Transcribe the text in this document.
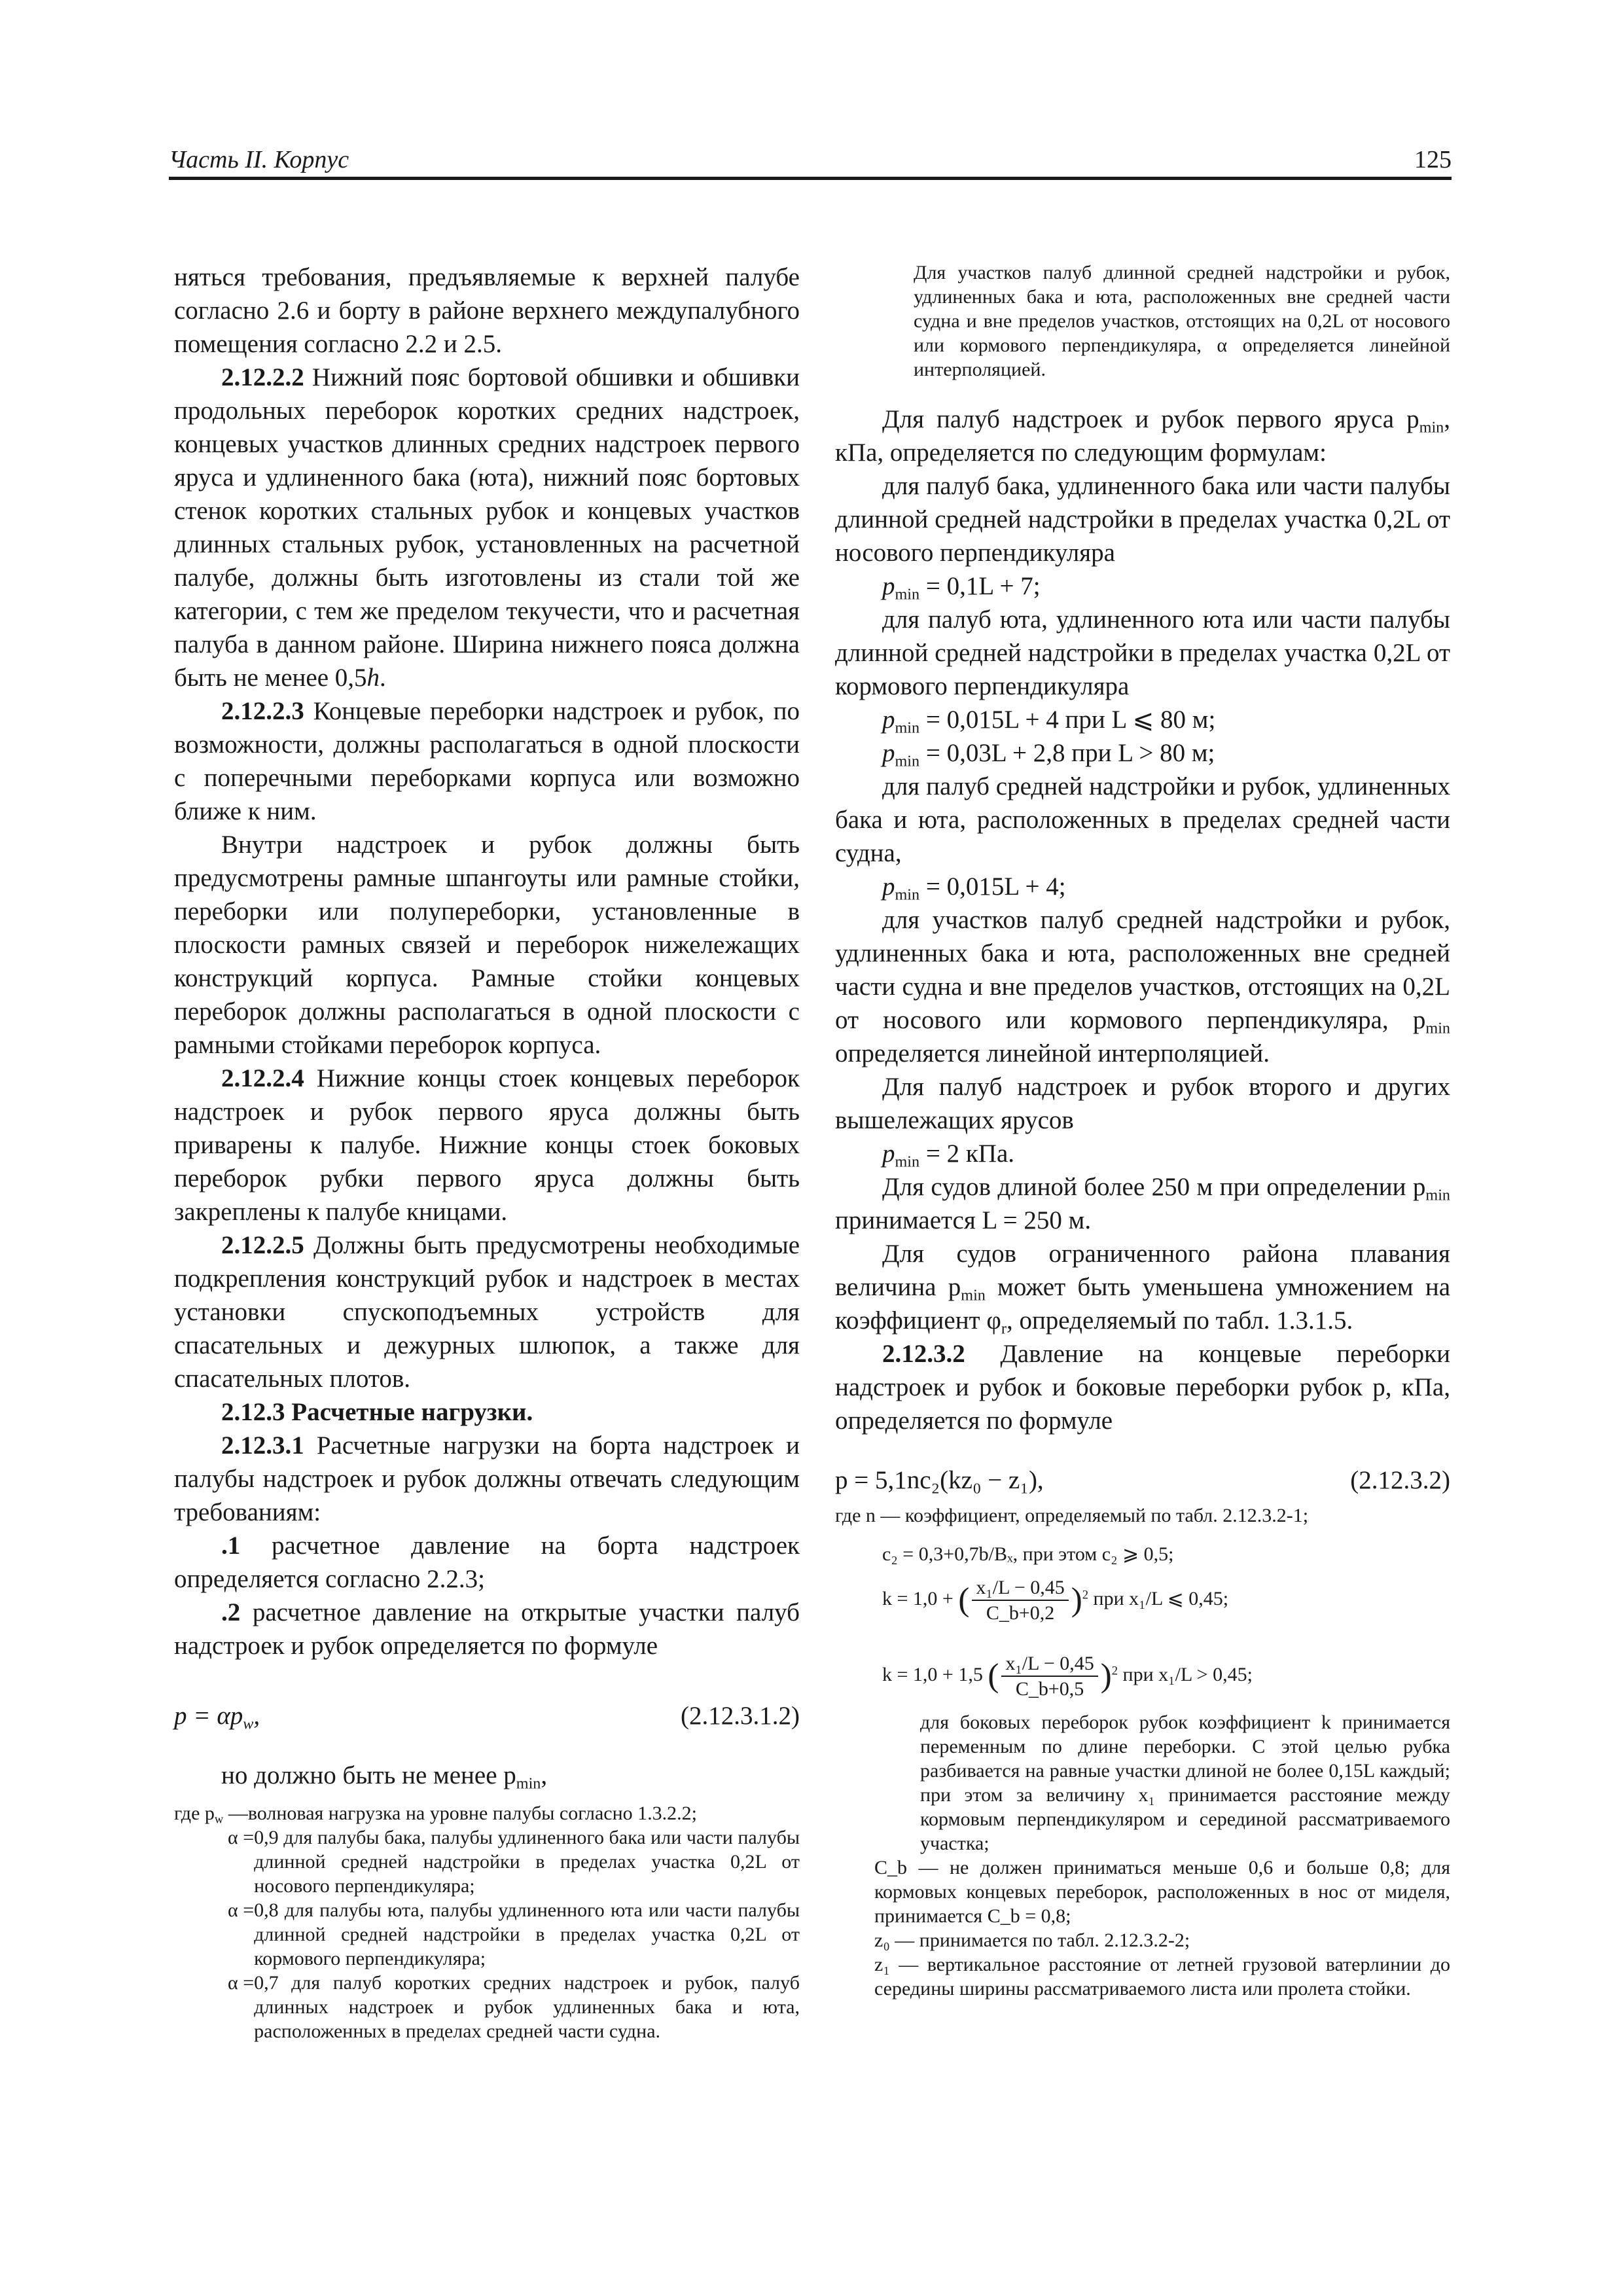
Часть II. Корпус	125

няться требования, предъявляемые к верхней палубе согласно 2.6 и борту в районе верхнего междупалубного помещения согласно 2.2 и 2.5.

2.12.2.2 Нижний пояс бортовой обшивки и обшивки продольных переборок коротких средних надстроек, концевых участков длинных средних надстроек первого яруса и удлиненного бака (юта), нижний пояс бортовых стенок коротких стальных рубок и концевых участков длинных стальных рубок, установленных на расчетной палубе, должны быть изготовлены из стали той же категории, с тем же пределом текучести, что и расчетная палуба в данном районе. Ширина нижнего пояса должна быть не менее 0,5h.

2.12.2.3 Концевые переборки надстроек и рубок, по возможности, должны располагаться в одной плоскости с поперечными переборками корпуса или возможно ближе к ним.

Внутри надстроек и рубок должны быть предусмотрены рамные шпангоуты или рамные стойки, переборки или полупереборки, установленные в плоскости рамных связей и переборок нижележащих конструкций корпуса. Рамные стойки концевых переборок должны располагаться в одной плоскости с рамными стойками переборок корпуса.

2.12.2.4 Нижние концы стоек концевых переборок надстроек и рубок первого яруса должны быть приварены к палубе. Нижние концы стоек боковых переборок рубки первого яруса должны быть закреплены к палубе кницами.

2.12.2.5 Должны быть предусмотрены необходимые подкрепления конструкций рубок и надстроек в местах установки спускоподъемных устройств для спасательных и дежурных шлюпок, а также для спасательных плотов.

2.12.3 Расчетные нагрузки.

2.12.3.1 Расчетные нагрузки на борта надстроек и палубы надстроек и рубок должны отвечать следующим требованиям:

.1 расчетное давление на борта надстроек определяется согласно 2.2.3;

.2 расчетное давление на открытые участки палуб надстроек и рубок определяется по формуле

$p = \alpha p_w$,	(2.12.3.1.2)

но должно быть не менее $p_{min}$,

где $p_w$ — волновая нагрузка на уровне палубы согласно 1.3.2.2;
α = 0,9 для палубы бака, палубы удлиненного бака или части палубы длинной средней надстройки в пределах участка 0,2L от носового перпендикуляра;
α = 0,8 для палубы юта, палубы удлиненного юта или части палубы длинной средней надстройки в пределах участка 0,2L от кормового перпендикуляра;
α = 0,7 для палуб коротких средних надстроек и рубок, палуб длинных надстроек и рубок удлиненных бака и юта, расположенных в пределах средней части судна.
Для участков палуб длинной средней надстройки и рубок, удлиненных бака и юта, расположенных вне средней части судна и вне пределов участков, отстоящих на 0,2L от носового или кормового перпендикуляра, α определяется линейной интерполяцией.

Для палуб надстроек и рубок первого яруса $p_{min}$, кПа, определяется по следующим формулам:

для палуб бака, удлиненного бака или части палубы длинной средней надстройки в пределах участка 0,2L от носового перпендикуляра

$p_{min} = 0,1L + 7$;

для палуб юта, удлиненного юта или части палубы длинной средней надстройки в пределах участка 0,2L от кормового перпендикуляра

$p_{min} = 0,015L + 4$ при L ⩽ 80 м;

$p_{min} = 0,03L + 2,8$ при L > 80 м;

для палуб средней надстройки и рубок, удлиненных бака и юта, расположенных в пределах средней части судна,

$p_{min} = 0,015L + 4$;

для участков палуб средней надстройки и рубок, удлиненных бака и юта, расположенных вне средней части судна и вне пределов участков, отстоящих на 0,2L от носового или кормового перпендикуляра, $p_{min}$ определяется линейной интерполяцией.

Для палуб надстроек и рубок второго и других вышележащих ярусов

$p_{min} = 2$ кПа.

Для судов длиной более 250 м при определении $p_{min}$ принимается L = 250 м.

Для судов ограниченного района плавания величина $p_{min}$ может быть уменьшена умножением на коэффициент $\varphi_r$, определяемый по табл. 1.3.1.5.

2.12.3.2 Давление на концевые переборки надстроек и рубок и боковые переборки рубок p, кПа, определяется по формуле

p = 5,1nc₂(kz₀ − z₁),	(2.12.3.2)
где n — коэффициент, определяемый по табл. 2.12.3.2-1;
c₂ = 0,3+0,7b/Bₓ, при этом c₂ ⩾ 0,5;
k = 1,0 + ( $\frac{\text{x₁/L − 0,45}}{C\_b+0,2} )^2$ при x₁/L ⩽ 0,45;
k = 1,0 + 1,5 ( $\frac{\text{x₁/L − 0,45}}{C\_b+0,5} )^2$ при x₁/L > 0,45;
для боковых переборок рубок коэффициент k принимается переменным по длине переборки. С этой целью рубка разбивается на равные участки длиной не более 0,15L каждый; при этом за величину x₁ принимается расстояние между кормовым перпендикуляром и серединой рассматриваемого участка;
C_b — не должен приниматься меньше 0,6 и больше 0,8; для кормовых концевых переборок, расположенных в нос от миделя, принимается C_b = 0,8;
z₀ — принимается по табл. 2.12.3.2-2;
z₁ — вертикальное расстояние от летней грузовой ватерлинии до середины ширины рассматриваемого листа или пролета стойки.
